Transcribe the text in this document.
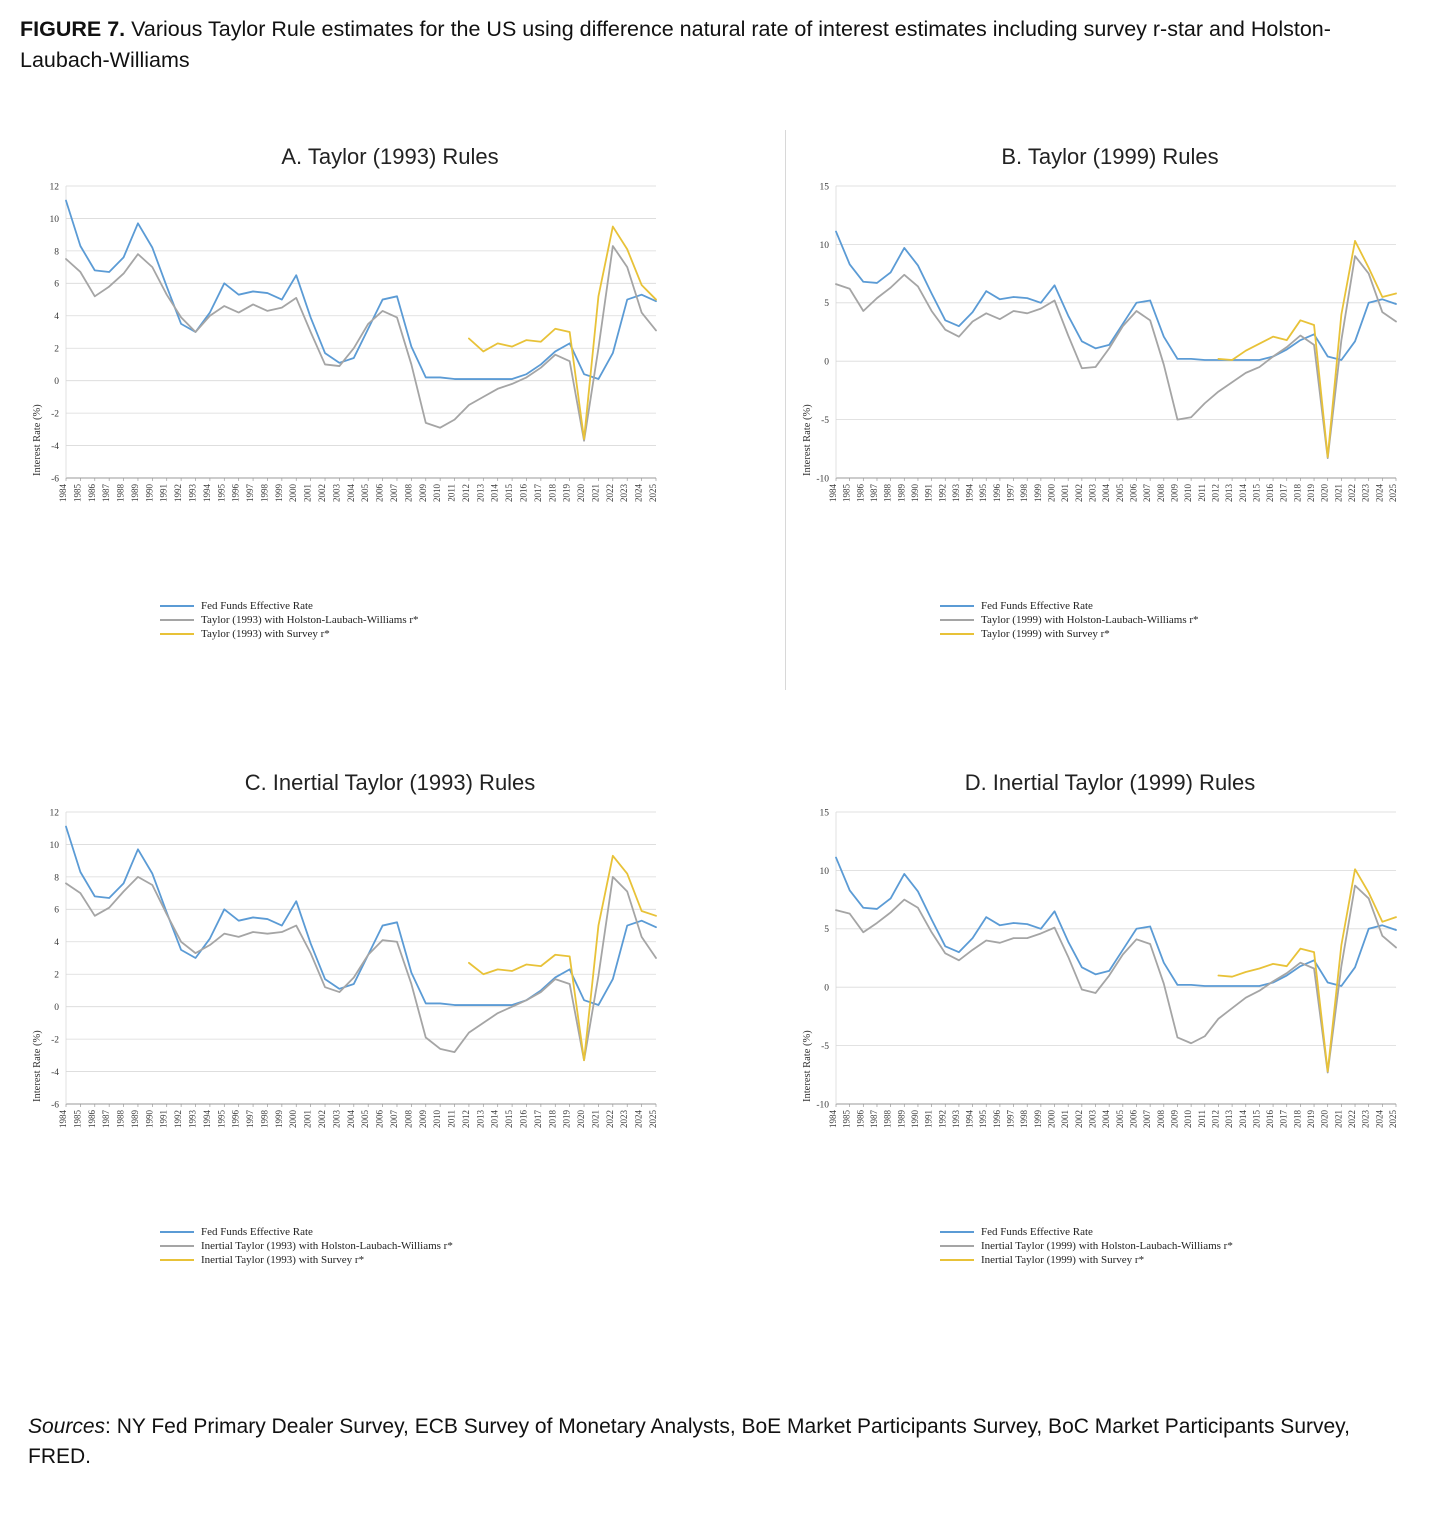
FIGURE 7. Various Taylor Rule estimates for the US using difference natural rate of interest estimates including survey r-star and Holston-Laubach-Williams
A. Taylor (1993) Rules
Interest Rate (%)
-6
-4
-2
0
2
4
6
8
10
12
1984 1985 1986 1987 1988 1989 1990 1991 1992 1993 1994 1995 1996 1997 1998 1999 2000 2001 2002 2003 2004 2005 2006 2007 2008 2009 2010 2011 2012 2013 2014 2015 2016 2017 2018 2019 2020 2021 2022 2023 2024 2025
Fed Funds Effective Rate
Taylor (1993) with Holston-Laubach-Williams r*
Taylor (1993) with Survey r*
B. Taylor (1999) Rules
Interest Rate (%)
-10
-5
0
5
10
15
1984 1985 1986 1987 1988 1989 1990 1991 1992 1993 1994 1995 1996 1997 1998 1999 2000 2001 2002 2003 2004 2005 2006 2007 2008 2009 2010 2011 2012 2013 2014 2015 2016 2017 2018 2019 2020 2021 2022 2023 2024 2025
Fed Funds Effective Rate
Taylor (1999) with Holston-Laubach-Williams r*
Taylor (1999) with Survey r*
C. Inertial Taylor (1993) Rules
Interest Rate (%)
-6
-4
-2
0
2
4
6
8
10
12
1984 1985 1986 1987 1988 1989 1990 1991 1992 1993 1994 1995 1996 1997 1998 1999 2000 2001 2002 2003 2004 2005 2006 2007 2008 2009 2010 2011 2012 2013 2014 2015 2016 2017 2018 2019 2020 2021 2022 2023 2024 2025
Fed Funds Effective Rate
Inertial Taylor (1993) with Holston-Laubach-Williams r*
Inertial Taylor (1993) with Survey r*
D. Inertial Taylor (1999) Rules
Interest Rate (%)
-10
-5
0
5
10
15
1984 1985 1986 1987 1988 1989 1990 1991 1992 1993 1994 1995 1996 1997 1998 1999 2000 2001 2002 2003 2004 2005 2006 2007 2008 2009 2010 2011 2012 2013 2014 2015 2016 2017 2018 2019 2020 2021 2022 2023 2024 2025
Fed Funds Effective Rate
Inertial Taylor (1999) with Holston-Laubach-Williams r*
Inertial Taylor (1999) with Survey r*
Sources: NY Fed Primary Dealer Survey, ECB Survey of Monetary Analysts, BoE Market Participants Survey, BoC Market Participants Survey, FRED.
